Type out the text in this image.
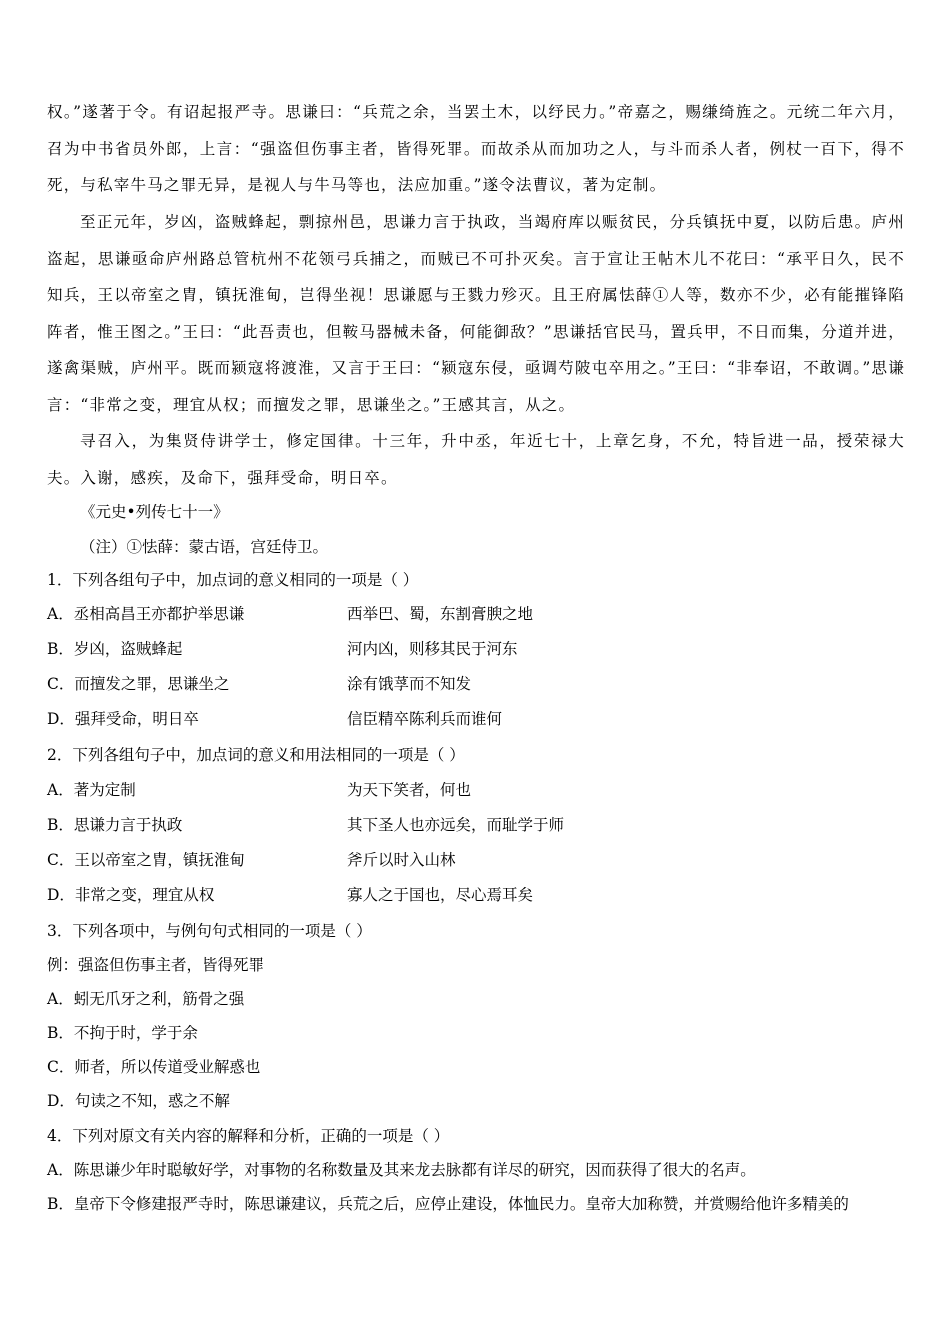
权。”遂著于令。有诏起报严寺。思谦曰：“兵荒之余，当罢土木，以纾民力。”帝嘉之，赐缣绮旌之。元统二年六月，召为中书省员外郎，上言：“强盗但伤事主者，皆得死罪。而故杀从而加功之人，与斗而杀人者，例杖一百下，得不死，与私宰牛马之罪无异，是视人与牛马等也，法应加重。”遂令法曹议，著为定制。

至正元年，岁凶，盗贼蜂起，剽掠州邑，思谦力言于执政，当竭府库以赈贫民，分兵镇抚中夏，以防后患。庐州盗起，思谦亟命庐州路总管杭州不花领弓兵捕之，而贼已不可扑灭矣。言于宣让王帖木儿不花曰：“承平日久，民不知兵，王以帝室之胄，镇抚淮甸，岂得坐视！思谦愿与王戮力殄灭。且王府属怯薛①人等，数亦不少，必有能摧锋陷阵者，惟王图之。”王曰：“此吾责也，但鞍马器械未备，何能御敌？”思谦括官民马，置兵甲，不日而集，分道并进，遂禽渠贼，庐州平。既而颍寇将渡淮，又言于王曰：“颍寇东侵，亟调芍陂屯卒用之。”王曰：“非奉诏，不敢调。”思谦言：“非常之变，理宜从权；而擅发之罪，思谦坐之。”王感其言，从之。

寻召入，为集贤侍讲学士，修定国律。十三年，升中丞，年近七十，上章乞身，不允，特旨进一品，授荣禄大夫。入谢，感疾，及命下，强拜受命，明日卒。

《元史•列传七十一》

（注）①怯薛：蒙古语，宫廷侍卫。

1．下列各组句子中，加点词的意义相同的一项是（ ）

A．丞相高昌王亦都护举思谦	西举巴、蜀，东割膏腴之地
B．岁凶，盗贼蜂起	河内凶，则移其民于河东
C．而擅发之罪，思谦坐之	涂有饿莩而不知发
D．强拜受命，明日卒	信臣精卒陈利兵而谁何

2．下列各组句子中，加点词的意义和用法相同的一项是（ ）

A．著为定制	为天下笑者，何也
B．思谦力言于执政	其下圣人也亦远矣，而耻学于师
C．王以帝室之胄，镇抚淮甸	斧斤以时入山林
D．非常之变，理宜从权	寡人之于国也，尽心焉耳矣

3．下列各项中，与例句句式相同的一项是（ ）

例：强盗但伤事主者，皆得死罪

A．蚓无爪牙之利，筋骨之强

B．不拘于时，学于余

C．师者，所以传道受业解惑也

D．句读之不知，惑之不解

4．下列对原文有关内容的解释和分析，正确的一项是（ ）

A．陈思谦少年时聪敏好学，对事物的名称数量及其来龙去脉都有详尽的研究，因而获得了很大的名声。

B．皇帝下令修建报严寺时，陈思谦建议，兵荒之后，应停止建设，体恤民力。皇帝大加称赞，并赏赐给他许多精美的
